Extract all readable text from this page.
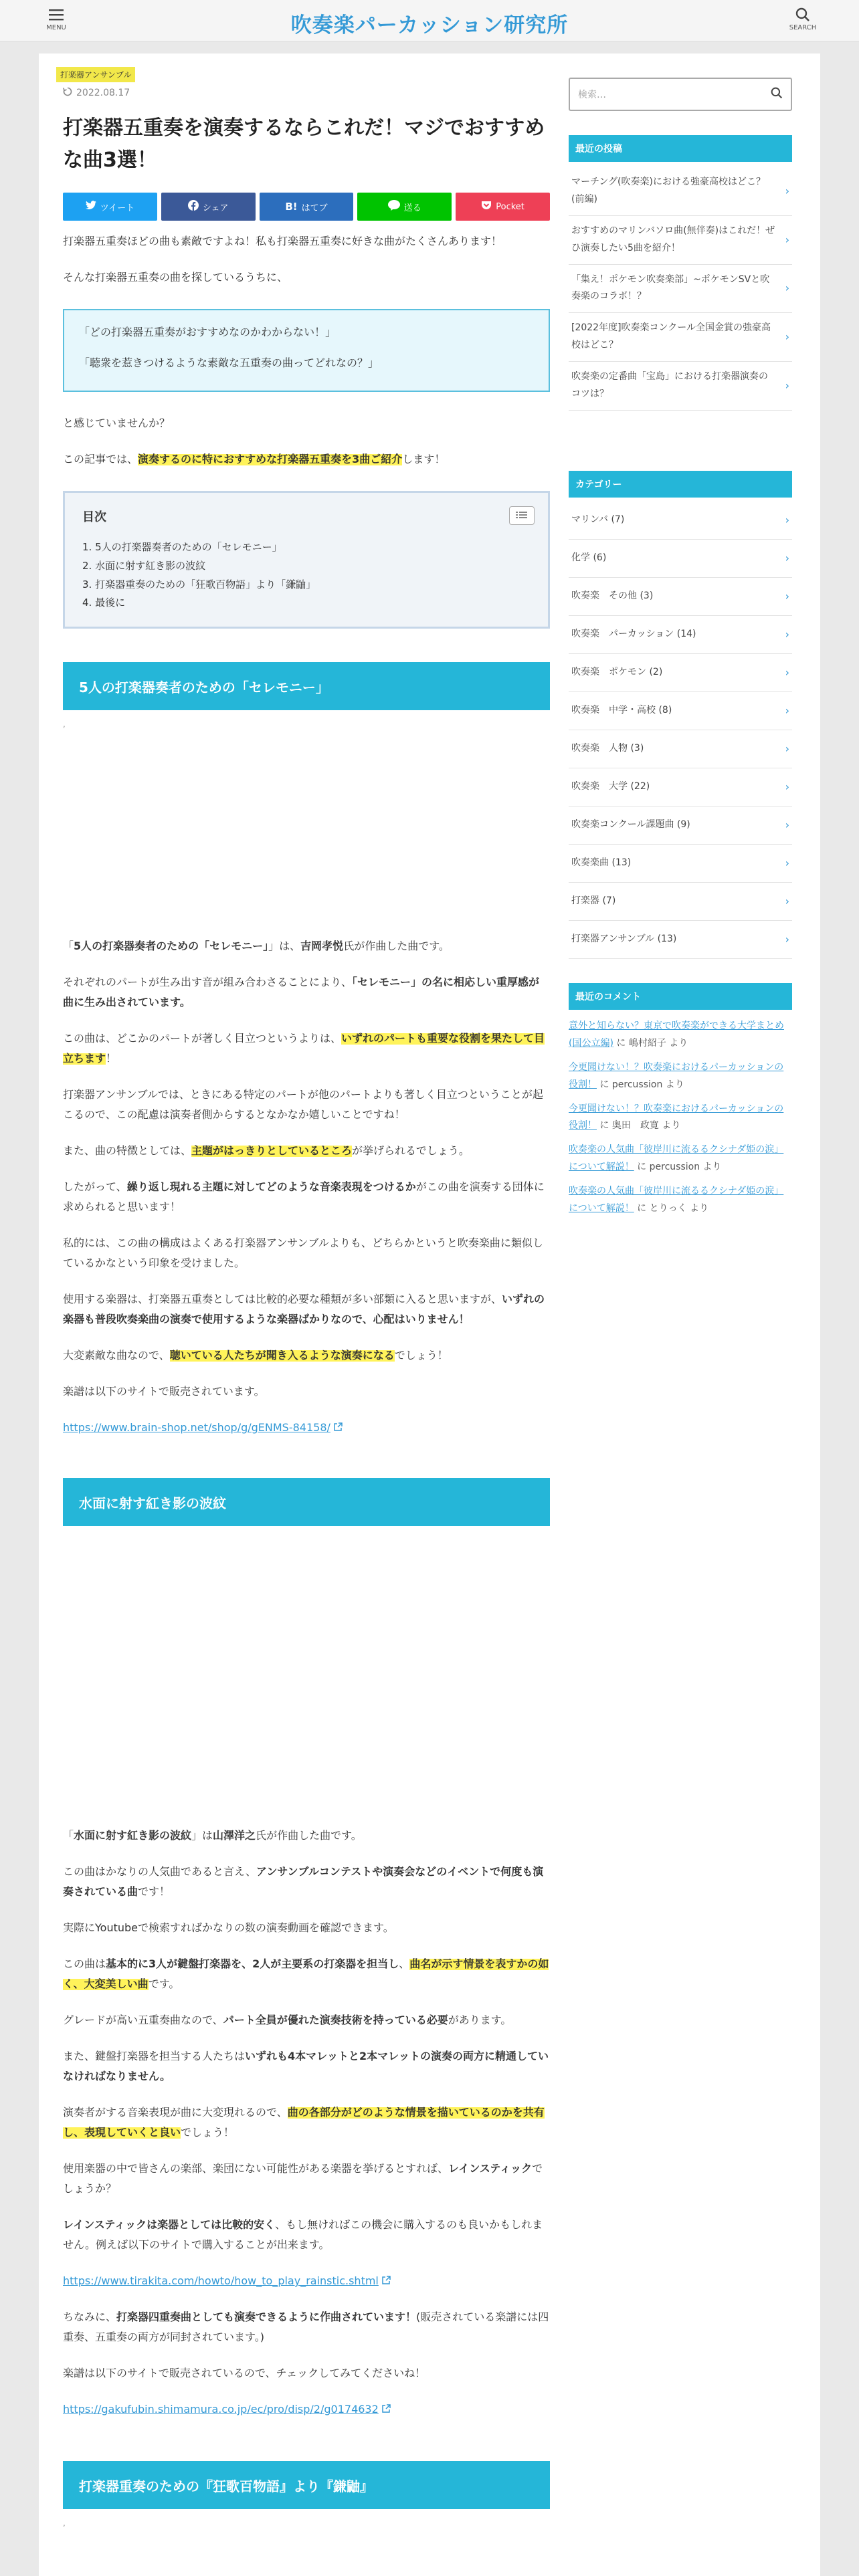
MENU	吹奏楽パーカッション研究所	SEARCH
打楽器アンサンブル
2022.08.17
打楽器五重奏を演奏するならこれだ！マジでおすすめな曲3選！
ツイート	シェア	B! はてブ	送る	Pocket

打楽器五重奏ほどの曲も素敵ですよね！私も打楽器五重奏に好きな曲がたくさんあります！

そんな打楽器五重奏の曲を探しているうちに、

「どの打楽器五重奏がおすすめなのかわからない！」
「聴衆を惹きつけるような素敵な五重奏の曲ってどれなの？」

と感じていませんか？

この記事では、演奏するのに特におすすめな打楽器五重奏を3曲ご紹介します！

目次
1. 5人の打楽器奏者のための「セレモニー」
2. 水面に射す紅き影の波紋
3. 打楽器重奏のための「狂歌百物語」より「鎌鼬」
4. 最後に
5人の打楽器奏者のための「セレモニー」
,

「5人の打楽器奏者のための「セレモニー」」は、吉岡孝悦氏が作曲した曲です。

それぞれのパートが生み出す音が組み合わさることにより、「セレモニー」の名に相応しい重厚感が曲に生み出されています。

この曲は、どこかのパートが著しく目立つというよりは、いずれのパートも重要な役割を果たして目立ちます！

打楽器アンサンブルでは、ときにある特定のパートが他のパートよりも著しく目立つということが起こるので、この配慮は演奏者側からするとなかなか嬉しいことですね！

また、曲の特徴としては、主題がはっきりとしているところが挙げられるでしょう。

したがって、繰り返し現れる主題に対してどのような音楽表現をつけるかがこの曲を演奏する団体に求められると思います！

私的には、この曲の構成はよくある打楽器アンサンブルよりも、どちらかというと吹奏楽曲に類似しているかなという印象を受けました。

使用する楽器は、打楽器五重奏としては比較的必要な種類が多い部類に入ると思いますが、いずれの楽器も普段吹奏楽曲の演奏で使用するような楽器ばかりなので、心配はいりません！

大変素敵な曲なので、聴いている人たちが聞き入るような演奏になるでしょう！

楽譜は以下のサイトで販売されています。

https://www.brain-shop.net/shop/g/gENMS-84158/

水面に射す紅き影の波紋

「水面に射す紅き影の波紋」は山澤洋之氏が作曲した曲です。

この曲はかなりの人気曲であると言え、アンサンブルコンテストや演奏会などのイベントで何度も演奏されている曲です！

実際にYoutubeで検索すればかなりの数の演奏動画を確認できます。

この曲は基本的に3人が鍵盤打楽器を、2人が主要系の打楽器を担当し、曲名が示す情景を表すかの如く、大変美しい曲です。

グレードが高い五重奏曲なので、パート全員が優れた演奏技術を持っている必要があります。

また、鍵盤打楽器を担当する人たちはいずれも4本マレットと2本マレットの演奏の両方に精通していなければなりません。

演奏者がする音楽表現が曲に大変現れるので、曲の各部分がどのような情景を描いているのかを共有し、表現していくと良いでしょう！

使用楽器の中で皆さんの楽部、楽団にない可能性がある楽器を挙げるとすれば、レインスティックでしょうか？

レインスティックは楽器としては比較的安く、もし無ければこの機会に購入するのも良いかもしれません。例えば以下のサイトで購入することが出来ます。

https://www.tirakita.com/howto/how_to_play_rainstic.shtml

ちなみに、打楽器四重奏曲としても演奏できるように作曲されています！(販売されている楽譜には四重奏、五重奏の両方が同封されています。)

楽譜は以下のサイトで販売されているので、チェックしてみてくださいね！

https://gakufubin.shimamura.co.jp/ec/pro/disp/2/g0174632

打楽器重奏のための『狂歌百物語』より『鎌鼬』
,
検索…
最近の投稿
マーチング(吹奏楽)における強豪高校はどこ？(前編)
›
おすすめのマリンバソロ曲(無伴奏)はこれだ！ぜひ演奏したい5曲を紹介！
›
「集え！ポケモン吹奏楽部」~ポケモンSVと吹奏楽のコラボ！？
›
[2022年度]吹奏楽コンクール全国金賞の強豪高校はどこ？
›
吹奏楽の定番曲「宝島」における打楽器演奏のコツは？
›
カテゴリー
マリンバ (7)	›
化学 (6)	›
吹奏楽　その他 (3)	›
吹奏楽　パーカッション (14)	›
吹奏楽　ポケモン (2)	›
吹奏楽　中学・高校 (8)	›
吹奏楽　人物 (3)	›
吹奏楽　大学 (22)	›
吹奏楽コンクール課題曲 (9)	›
吹奏楽曲 (13)	›
打楽器 (7)	›
打楽器アンサンブル (13)	›
最近のコメント
意外と知らない？東京で吹奏楽ができる大学まとめ(国公立編) に 嶋村紹子 より
今更聞けない！？吹奏楽におけるパーカッションの役割！ に percussion より
今更聞けない！？吹奏楽におけるパーカッションの役割！ に 奥田　政寛 より
吹奏楽の人気曲「彼岸川に流るるクシナダ姫の涙」について解説！ に percussion より
吹奏楽の人気曲「彼岸川に流るるクシナダ姫の涙」について解説！ に とりっく より
